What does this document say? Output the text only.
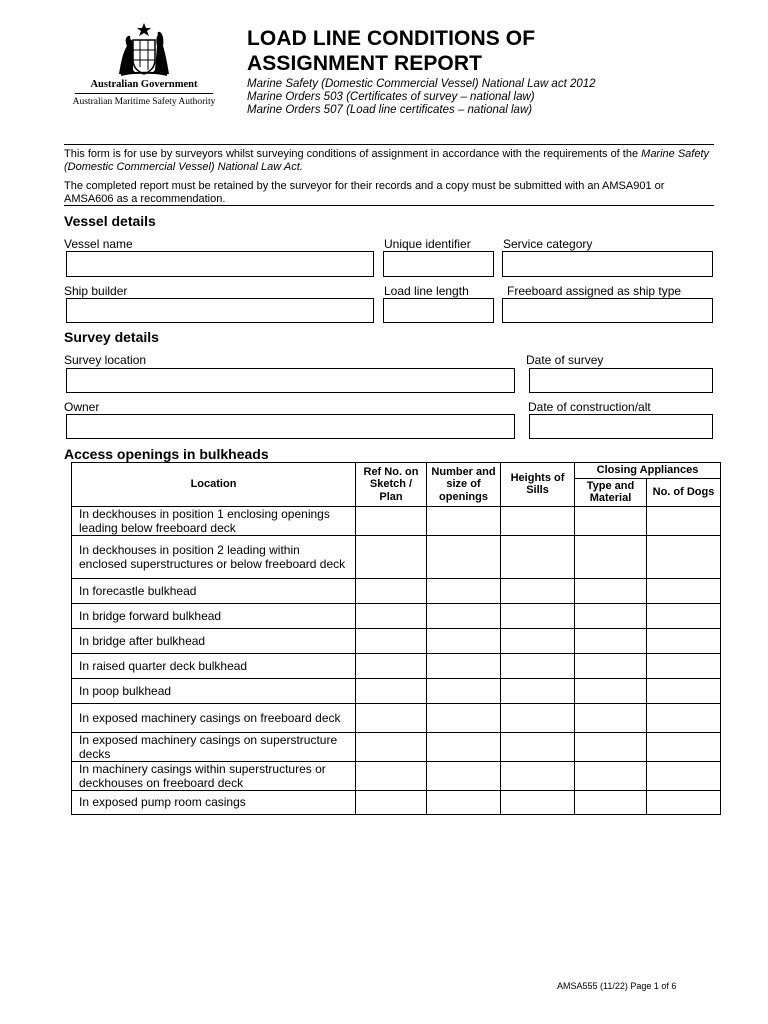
Australian Government
Australian Maritime Safety Authority
LOAD LINE CONDITIONS OF
ASSIGNMENT REPORT
Marine Safety (Domestic Commercial Vessel) National Law act 2012
Marine Orders 503 (Certificates of survey – national law)
Marine Orders 507 (Load line certificates – national law)
This form is for use by surveyors whilst surveying conditions of assignment in accordance with the requirements of the Marine Safety (Domestic Commercial Vessel) National Law Act.
The completed report must be retained by the surveyor for their records and a copy must be submitted with an AMSA901 or AMSA606 as a recommendation.
Vessel details
Vessel name	Unique identifier	Service category
Ship builder	Load line length	Freeboard assigned as ship type
Survey details
Survey location	Date of survey
Owner	Date of construction/alt
Access openings in bulkheads
Location	Ref No. on Sketch / Plan	Number and size of openings	Heights of Sills	Closing Appliances	
				Type and Material	No. of Dogs
In deckhouses in position 1 enclosing openings leading below freeboard deck					
In deckhouses in position 2 leading within enclosed superstructures or below freeboard deck					
In forecastle bulkhead					
In bridge forward bulkhead					
In bridge after bulkhead					
In raised quarter deck bulkhead					
In poop bulkhead					
In exposed machinery casings on freeboard deck					
In exposed machinery casings on superstructure decks					
In machinery casings within superstructures or deckhouses on freeboard deck					
In exposed pump room casings					
AMSA555 (11/22) Page 1 of 6
